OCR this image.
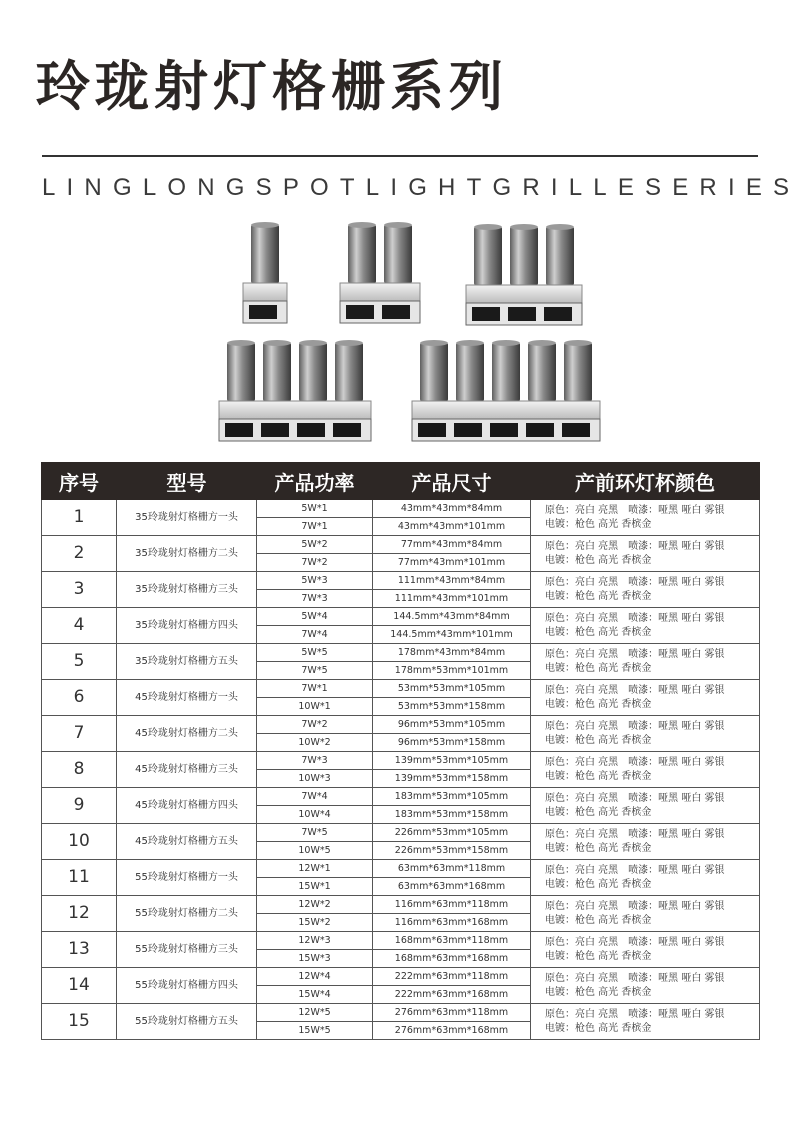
玲珑射灯格栅系列
LINGLONGSPOTLIGHTGRILLESERIES
序号	型号	产品功率	产品尺寸	产前环灯杯颜色
1	35玲珑射灯格栅方一头	5W*1	43mm*43mm*84mm	原色：亮白 亮黑　喷漆：哑黑 哑白 雾银
电镀：枪色 高光 香槟金

		7W*1	43mm*43mm*101mm	
2	35玲珑射灯格栅方二头	5W*2	77mm*43mm*84mm	原色：亮白 亮黑　喷漆：哑黑 哑白 雾银
电镀：枪色 高光 香槟金

		7W*2	77mm*43mm*101mm	
3	35玲珑射灯格栅方三头	5W*3	111mm*43mm*84mm	原色：亮白 亮黑　喷漆：哑黑 哑白 雾银
电镀：枪色 高光 香槟金

		7W*3	111mm*43mm*101mm	
4	35玲珑射灯格栅方四头	5W*4	144.5mm*43mm*84mm	原色：亮白 亮黑　喷漆：哑黑 哑白 雾银
电镀：枪色 高光 香槟金

		7W*4	144.5mm*43mm*101mm	
5	35玲珑射灯格栅方五头	5W*5	178mm*43mm*84mm	原色：亮白 亮黑　喷漆：哑黑 哑白 雾银
电镀：枪色 高光 香槟金

		7W*5	178mm*53mm*101mm	
6	45玲珑射灯格栅方一头	7W*1	53mm*53mm*105mm	原色：亮白 亮黑　喷漆：哑黑 哑白 雾银
电镀：枪色 高光 香槟金

		10W*1	53mm*53mm*158mm	
7	45玲珑射灯格栅方二头	7W*2	96mm*53mm*105mm	原色：亮白 亮黑　喷漆：哑黑 哑白 雾银
电镀：枪色 高光 香槟金

		10W*2	96mm*53mm*158mm	
8	45玲珑射灯格栅方三头	7W*3	139mm*53mm*105mm	原色：亮白 亮黑　喷漆：哑黑 哑白 雾银
电镀：枪色 高光 香槟金

		10W*3	139mm*53mm*158mm	
9	45玲珑射灯格栅方四头	7W*4	183mm*53mm*105mm	原色：亮白 亮黑　喷漆：哑黑 哑白 雾银
电镀：枪色 高光 香槟金

		10W*4	183mm*53mm*158mm	
10	45玲珑射灯格栅方五头	7W*5	226mm*53mm*105mm	原色：亮白 亮黑　喷漆：哑黑 哑白 雾银
电镀：枪色 高光 香槟金

		10W*5	226mm*53mm*158mm	
11	55玲珑射灯格栅方一头	12W*1	63mm*63mm*118mm	原色：亮白 亮黑　喷漆：哑黑 哑白 雾银
电镀：枪色 高光 香槟金

		15W*1	63mm*63mm*168mm	
12	55玲珑射灯格栅方二头	12W*2	116mm*63mm*118mm	原色：亮白 亮黑　喷漆：哑黑 哑白 雾银
电镀：枪色 高光 香槟金

		15W*2	116mm*63mm*168mm	
13	55玲珑射灯格栅方三头	12W*3	168mm*63mm*118mm	原色：亮白 亮黑　喷漆：哑黑 哑白 雾银
电镀：枪色 高光 香槟金

		15W*3	168mm*63mm*168mm	
14	55玲珑射灯格栅方四头	12W*4	222mm*63mm*118mm	原色：亮白 亮黑　喷漆：哑黑 哑白 雾银
电镀：枪色 高光 香槟金

		15W*4	222mm*63mm*168mm	
15	55玲珑射灯格栅方五头	12W*5	276mm*63mm*118mm	原色：亮白 亮黑　喷漆：哑黑 哑白 雾银
电镀：枪色 高光 香槟金

		15W*5	276mm*63mm*168mm	
